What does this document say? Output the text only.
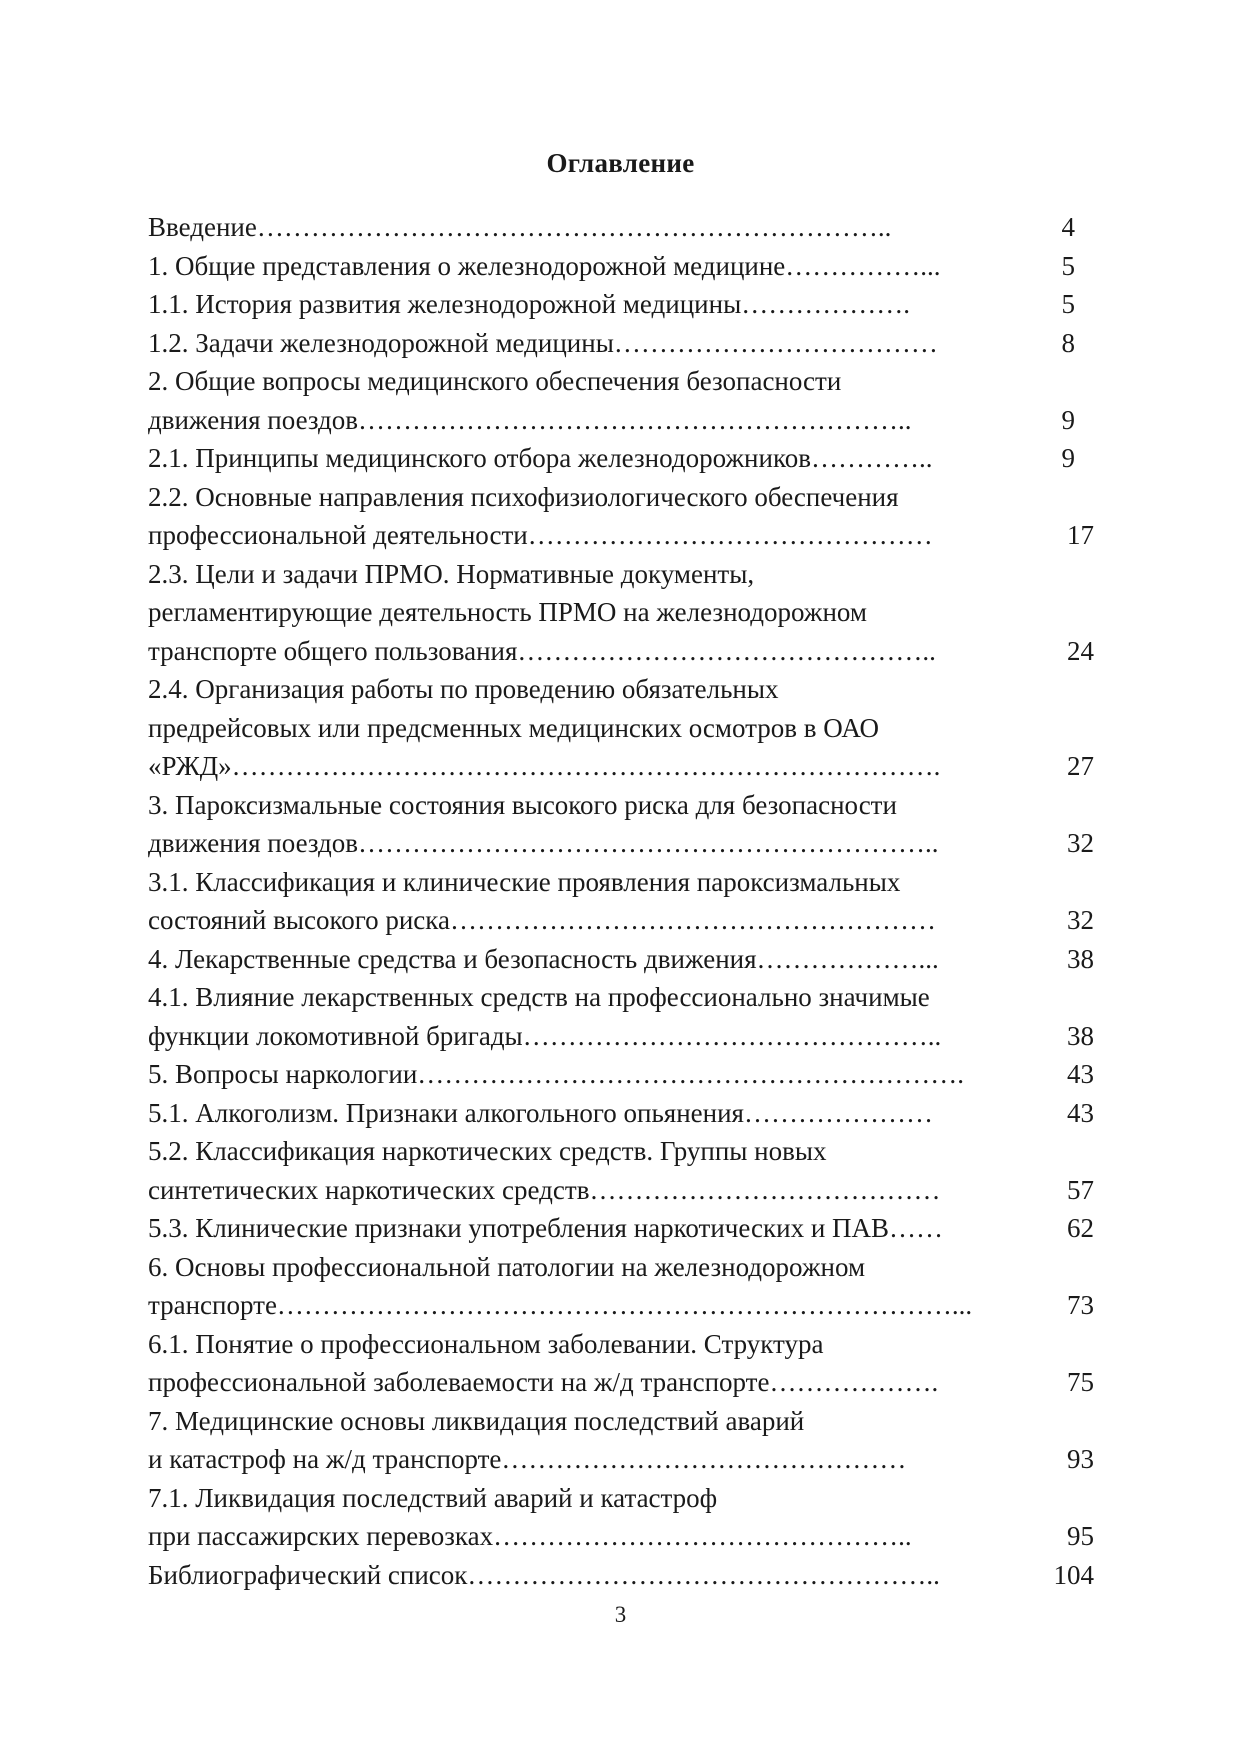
Оглавление
Введение……………………………………………………………..	4
1. Общие представления о железнодорожной медицине……………...	5
1.1. История развития железнодорожной медицины……………….	5
1.2. Задачи железнодорожной медицины………………………………	8
2. Общие вопросы медицинского обеспечения безопасности
движения поездов……………………………………………………..	9
2.1. Принципы медицинского отбора железнодорожников…………..	9
2.2. Основные направления психофизиологического обеспечения
профессиональной деятельности………………………………………	17
2.3. Цели и задачи ПРМО. Нормативные документы,
регламентирующие деятельность ПРМО на железнодорожном
транспорте общего пользования………………………………………..	24
2.4. Организация работы по проведению обязательных
предрейсовых или предсменных медицинских осмотров в ОАО
«РЖД»…………………………………………………………………….	27
3. Пароксизмальные состояния высокого риска для безопасности
движения поездов………………………………………………………..	32
3.1. Классификация и клинические проявления пароксизмальных
состояний высокого риска………………………………………………	32
4. Лекарственные средства и безопасность движения………………...	38
4.1. Влияние лекарственных средств на профессионально значимые
функции локомотивной бригады………………………………………..	38
5. Вопросы наркологии…………………………………………………….	43
5.1. Алкоголизм. Признаки алкогольного опьянения…………………	43
5.2. Классификация наркотических средств. Группы новых
синтетических наркотических средств…………………………………	57
5.3. Клинические признаки употребления наркотических и ПАВ……	62
6. Основы профессиональной патологии на железнодорожном
транспорте…………………………………………………………………...	73
6.1. Понятие о профессиональном заболевании. Структура
профессиональной заболеваемости на ж/д транспорте……………….	75
7. Медицинские основы ликвидация последствий аварий
и катастроф на ж/д транспорте………………………………………	93
7.1. Ликвидация последствий аварий и катастроф
при пассажирских перевозках………………………………………..	95
Библиографический список……………………………………………..	104
3
